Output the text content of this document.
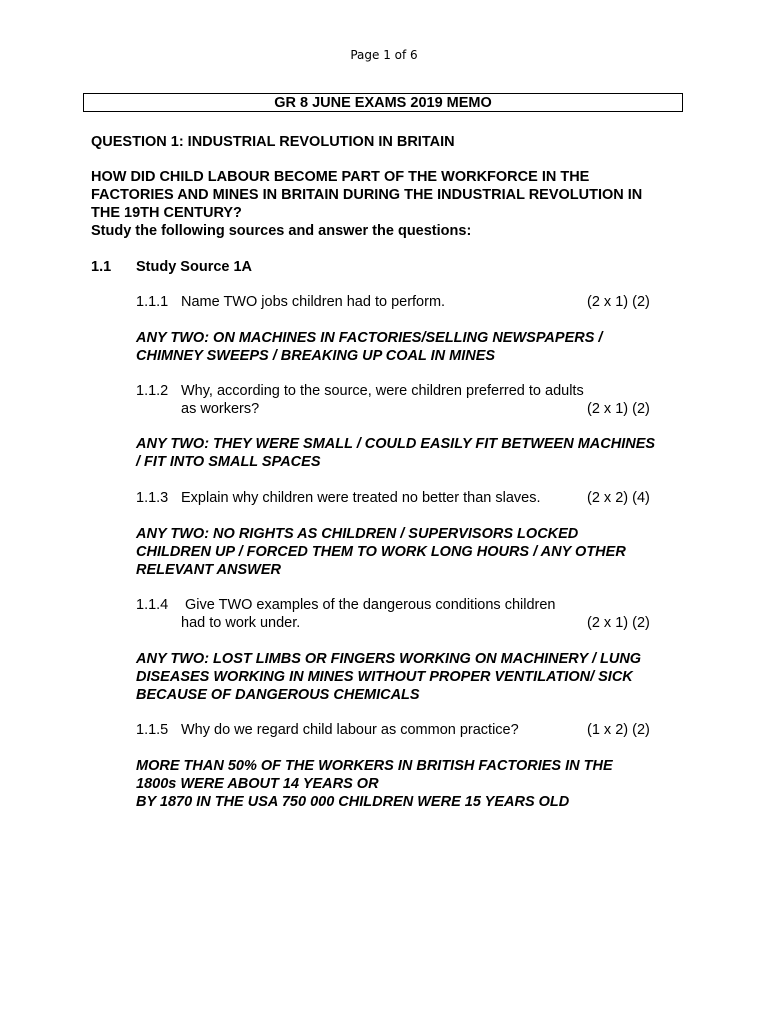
Page 1 of 6
GR 8 JUNE EXAMS 2019 MEMO
QUESTION 1: INDUSTRIAL REVOLUTION IN BRITAIN
HOW DID CHILD LABOUR BECOME PART OF THE WORKFORCE IN THE
FACTORIES AND MINES IN BRITAIN DURING THE INDUSTRIAL REVOLUTION IN
THE 19TH CENTURY?
Study the following sources and answer the questions:
1.1 Study Source 1A
1.1.1 Name TWO jobs children had to perform.	(2 x 1) (2)
ANY TWO: ON MACHINES IN FACTORIES/SELLING NEWSPAPERS /
CHIMNEY SWEEPS / BREAKING UP COAL IN MINES
1.1.2 Why, according to the source, were children preferred to adults
as workers?	(2 x 1) (2)
ANY TWO: THEY WERE SMALL / COULD EASILY FIT BETWEEN MACHINES
/ FIT INTO SMALL SPACES
1.1.3 Explain why children were treated no better than slaves.	(2 x 2) (4)
ANY TWO: NO RIGHTS AS CHILDREN / SUPERVISORS LOCKED
CHILDREN UP / FORCED THEM TO WORK LONG HOURS / ANY OTHER
RELEVANT ANSWER
1.1.4 Give TWO examples of the dangerous conditions children
had to work under.	(2 x 1) (2)
ANY TWO: LOST LIMBS OR FINGERS WORKING ON MACHINERY / LUNG
DISEASES WORKING IN MINES WITHOUT PROPER VENTILATION/ SICK
BECAUSE OF DANGEROUS CHEMICALS
1.1.5 Why do we regard child labour as common practice?	(1 x 2) (2)
MORE THAN 50% OF THE WORKERS IN BRITISH FACTORIES IN THE
1800s WERE ABOUT 14 YEARS OR
BY 1870 IN THE USA 750 000 CHILDREN WERE 15 YEARS OLD
